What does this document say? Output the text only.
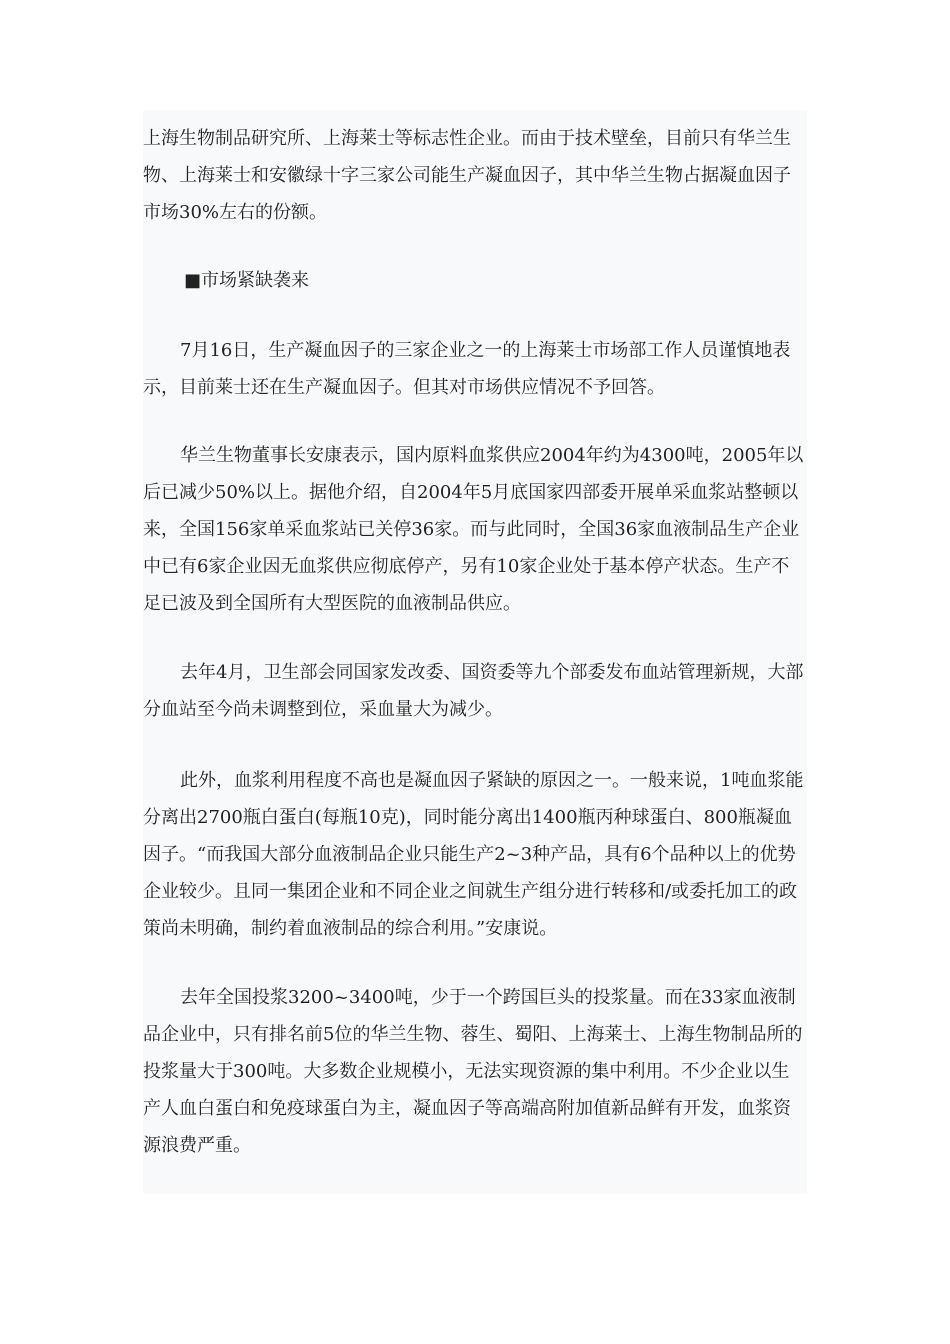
上海生物制品研究所、上海莱士等标志性企业。而由于技术壁垒，目前只有华兰生物、上海莱士和安徽绿十字三家公司能生产凝血因子，其中华兰生物占据凝血因子市场30%左右的份额。

■市场紧缺袭来

7月16日，生产凝血因子的三家企业之一的上海莱士市场部工作人员谨慎地表示，目前莱士还在生产凝血因子。但其对市场供应情况不予回答。

华兰生物董事长安康表示，国内原料血浆供应2004年约为4300吨，2005年以后已减少50%以上。据他介绍，自2004年5月底国家四部委开展单采血浆站整顿以来，全国156家单采血浆站已关停36家。而与此同时，全国36家血液制品生产企业中已有6家企业因无血浆供应彻底停产，另有10家企业处于基本停产状态。生产不足已波及到全国所有大型医院的血液制品供应。

去年4月，卫生部会同国家发改委、国资委等九个部委发布血站管理新规，大部分血站至今尚未调整到位，采血量大为减少。

此外，血浆利用程度不高也是凝血因子紧缺的原因之一。一般来说，1吨血浆能分离出2700瓶白蛋白(每瓶10克)，同时能分离出1400瓶丙种球蛋白、800瓶凝血因子。“而我国大部分血液制品企业只能生产2~3种产品，具有6个品种以上的优势企业较少。且同一集团企业和不同企业之间就生产组分进行转移和/或委托加工的政策尚未明确，制约着血液制品的综合利用。”安康说。

去年全国投浆3200~3400吨，少于一个跨国巨头的投浆量。而在33家血液制品企业中，只有排名前5位的华兰生物、蓉生、蜀阳、上海莱士、上海生物制品所的投浆量大于300吨。大多数企业规模小，无法实现资源的集中利用。不少企业以生产人血白蛋白和免疫球蛋白为主，凝血因子等高端高附加值新品鲜有开发，血浆资源浪费严重。
